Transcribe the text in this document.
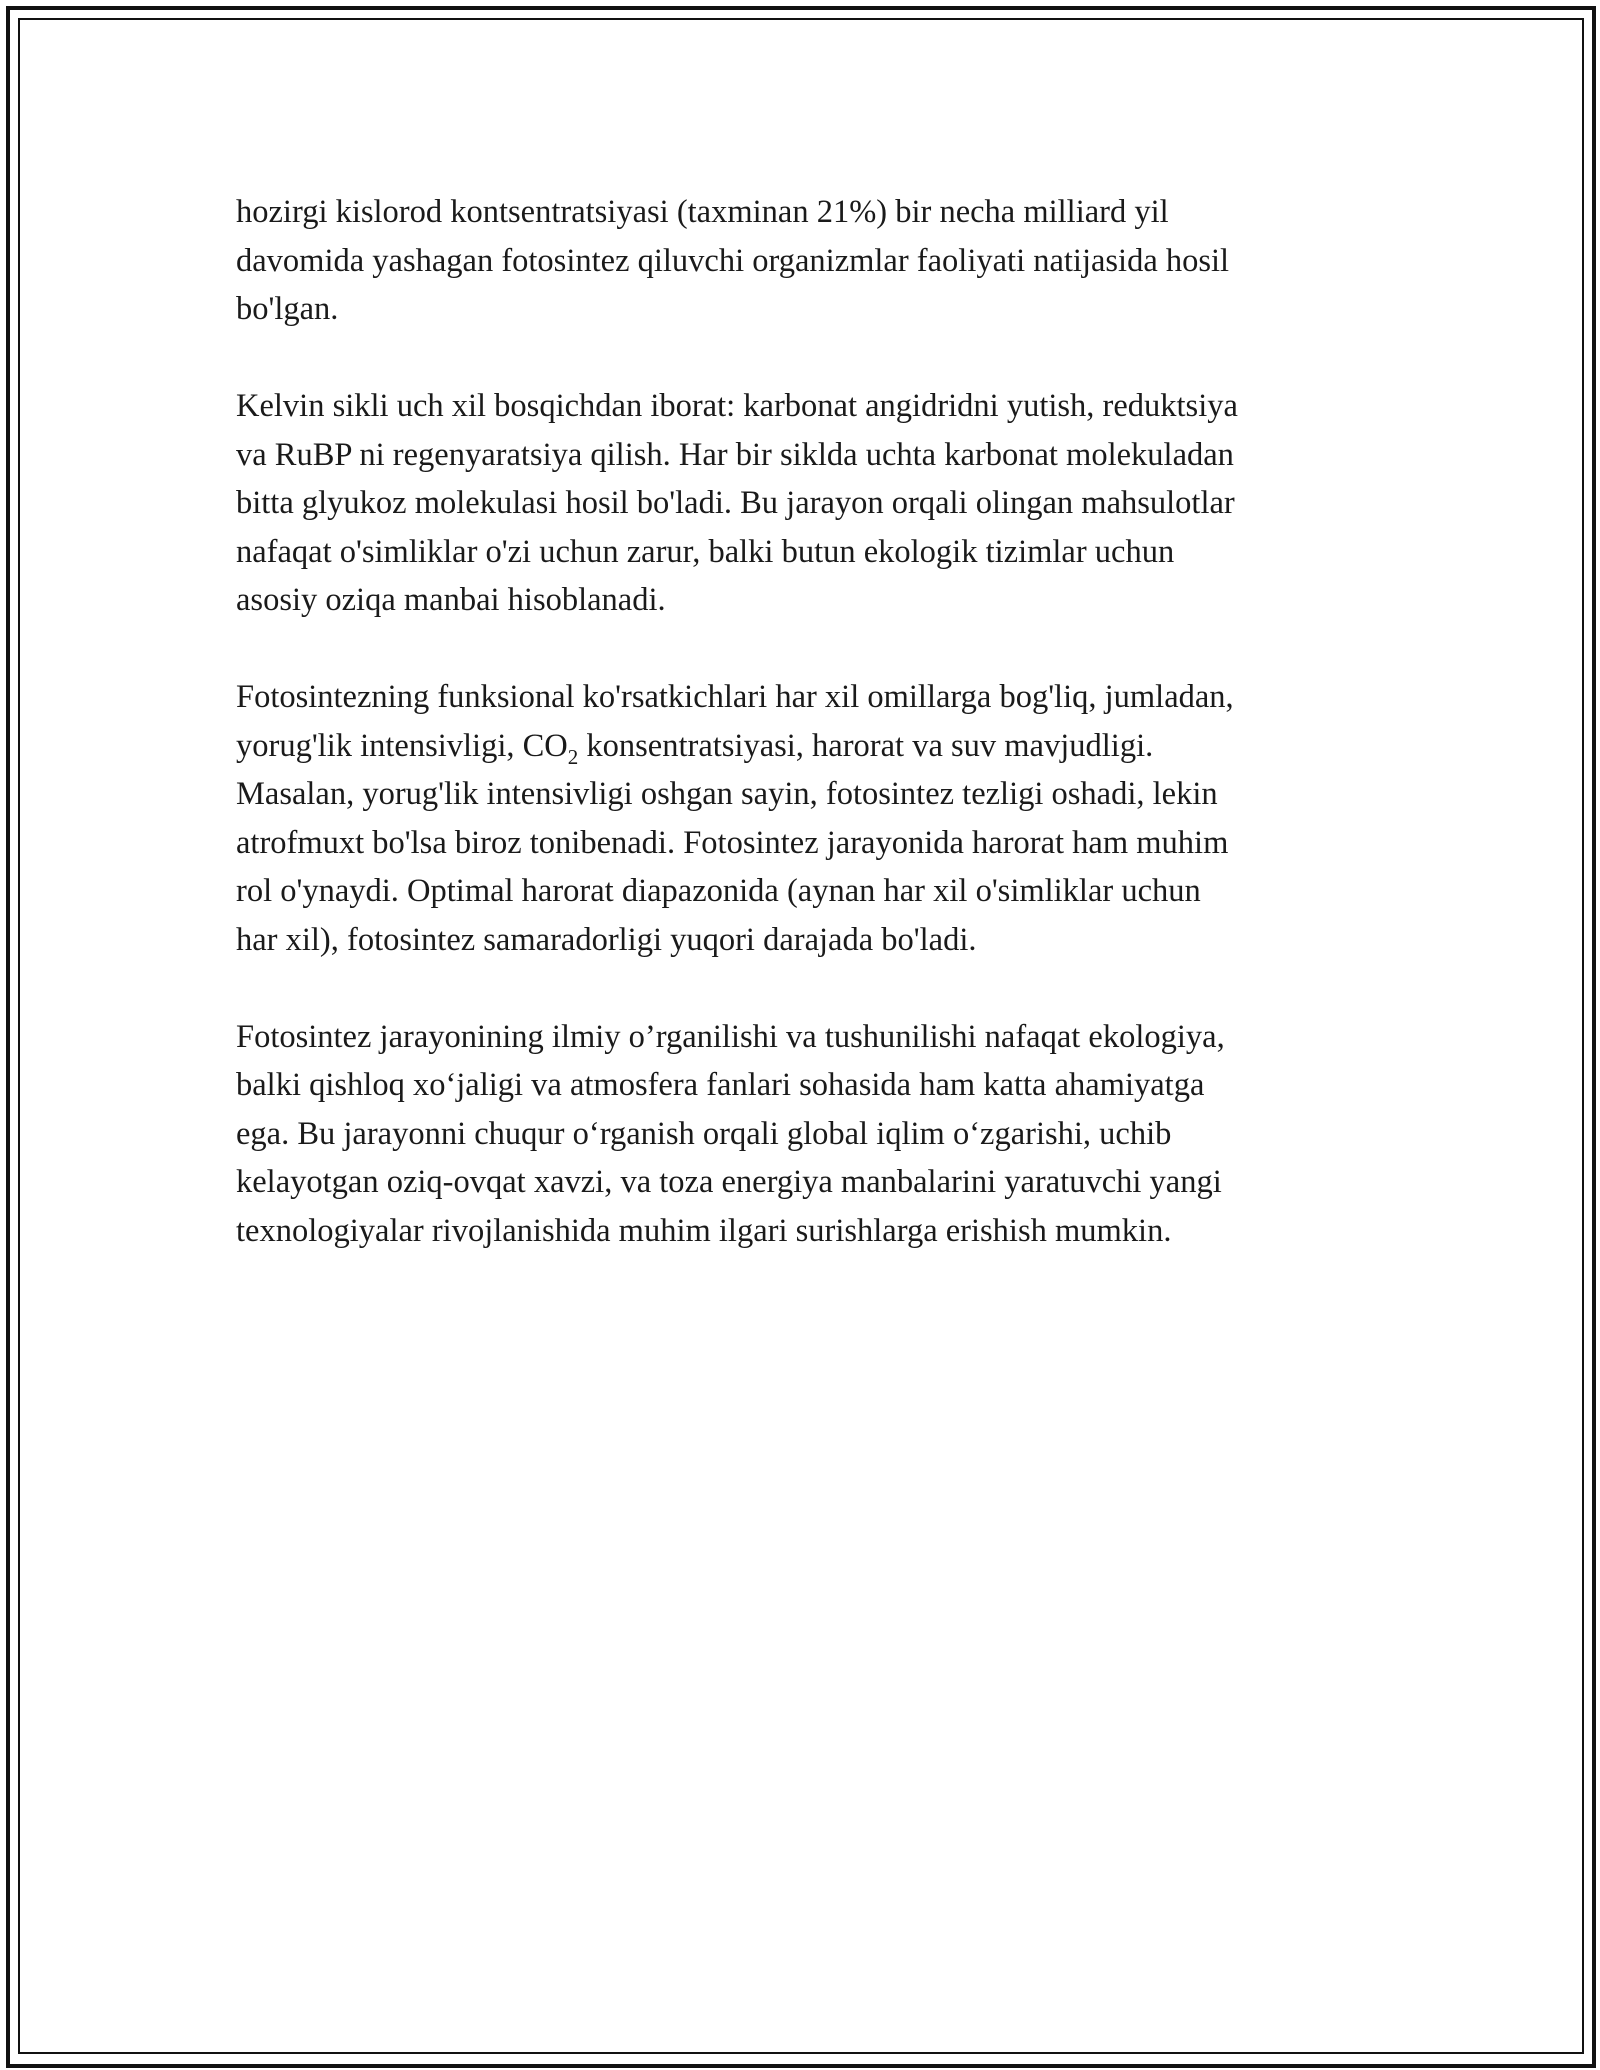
hozirgi kislorod kontsentratsiyasi (taxminan 21%) bir necha milliard yil
davomida yashagan fotosintez qiluvchi organizmlar faoliyati natijasida hosil
bo'lgan.

Kelvin sikli uch xil bosqichdan iborat: karbonat angidridni yutish, reduktsiya
va RuBP ni regenyaratsiya qilish. Har bir siklda uchta karbonat molekuladan
bitta glyukoz molekulasi hosil bo'ladi. Bu jarayon orqali olingan mahsulotlar
nafaqat o'simliklar o'zi uchun zarur, balki butun ekologik tizimlar uchun
asosiy oziqa manbai hisoblanadi.

Fotosintezning funksional ko'rsatkichlari har xil omillarga bog'liq, jumladan,
yorug'lik intensivligi, $CO_2$ konsentratsiyasi, harorat va suv mavjudligi.
Masalan, yorug'lik intensivligi oshgan sayin, fotosintez tezligi oshadi, lekin
atrofmuxt bo'lsa biroz tonibenadi. Fotosintez jarayonida harorat ham muhim
rol o'ynaydi. Optimal harorat diapazonida (aynan har xil o'simliklar uchun
har xil), fotosintez samaradorligi yuqori darajada bo'ladi.

Fotosintez jarayonining ilmiy o’rganilishi va tushunilishi nafaqat ekologiya,
balki qishloq xo‘jaligi va atmosfera fanlari sohasida ham katta ahamiyatga
ega. Bu jarayonni chuqur o‘rganish orqali global iqlim o‘zgarishi, uchib
kelayotgan oziq-ovqat xavzi, va toza energiya manbalarini yaratuvchi yangi
texnologiyalar rivojlanishida muhim ilgari surishlarga erishish mumkin.
